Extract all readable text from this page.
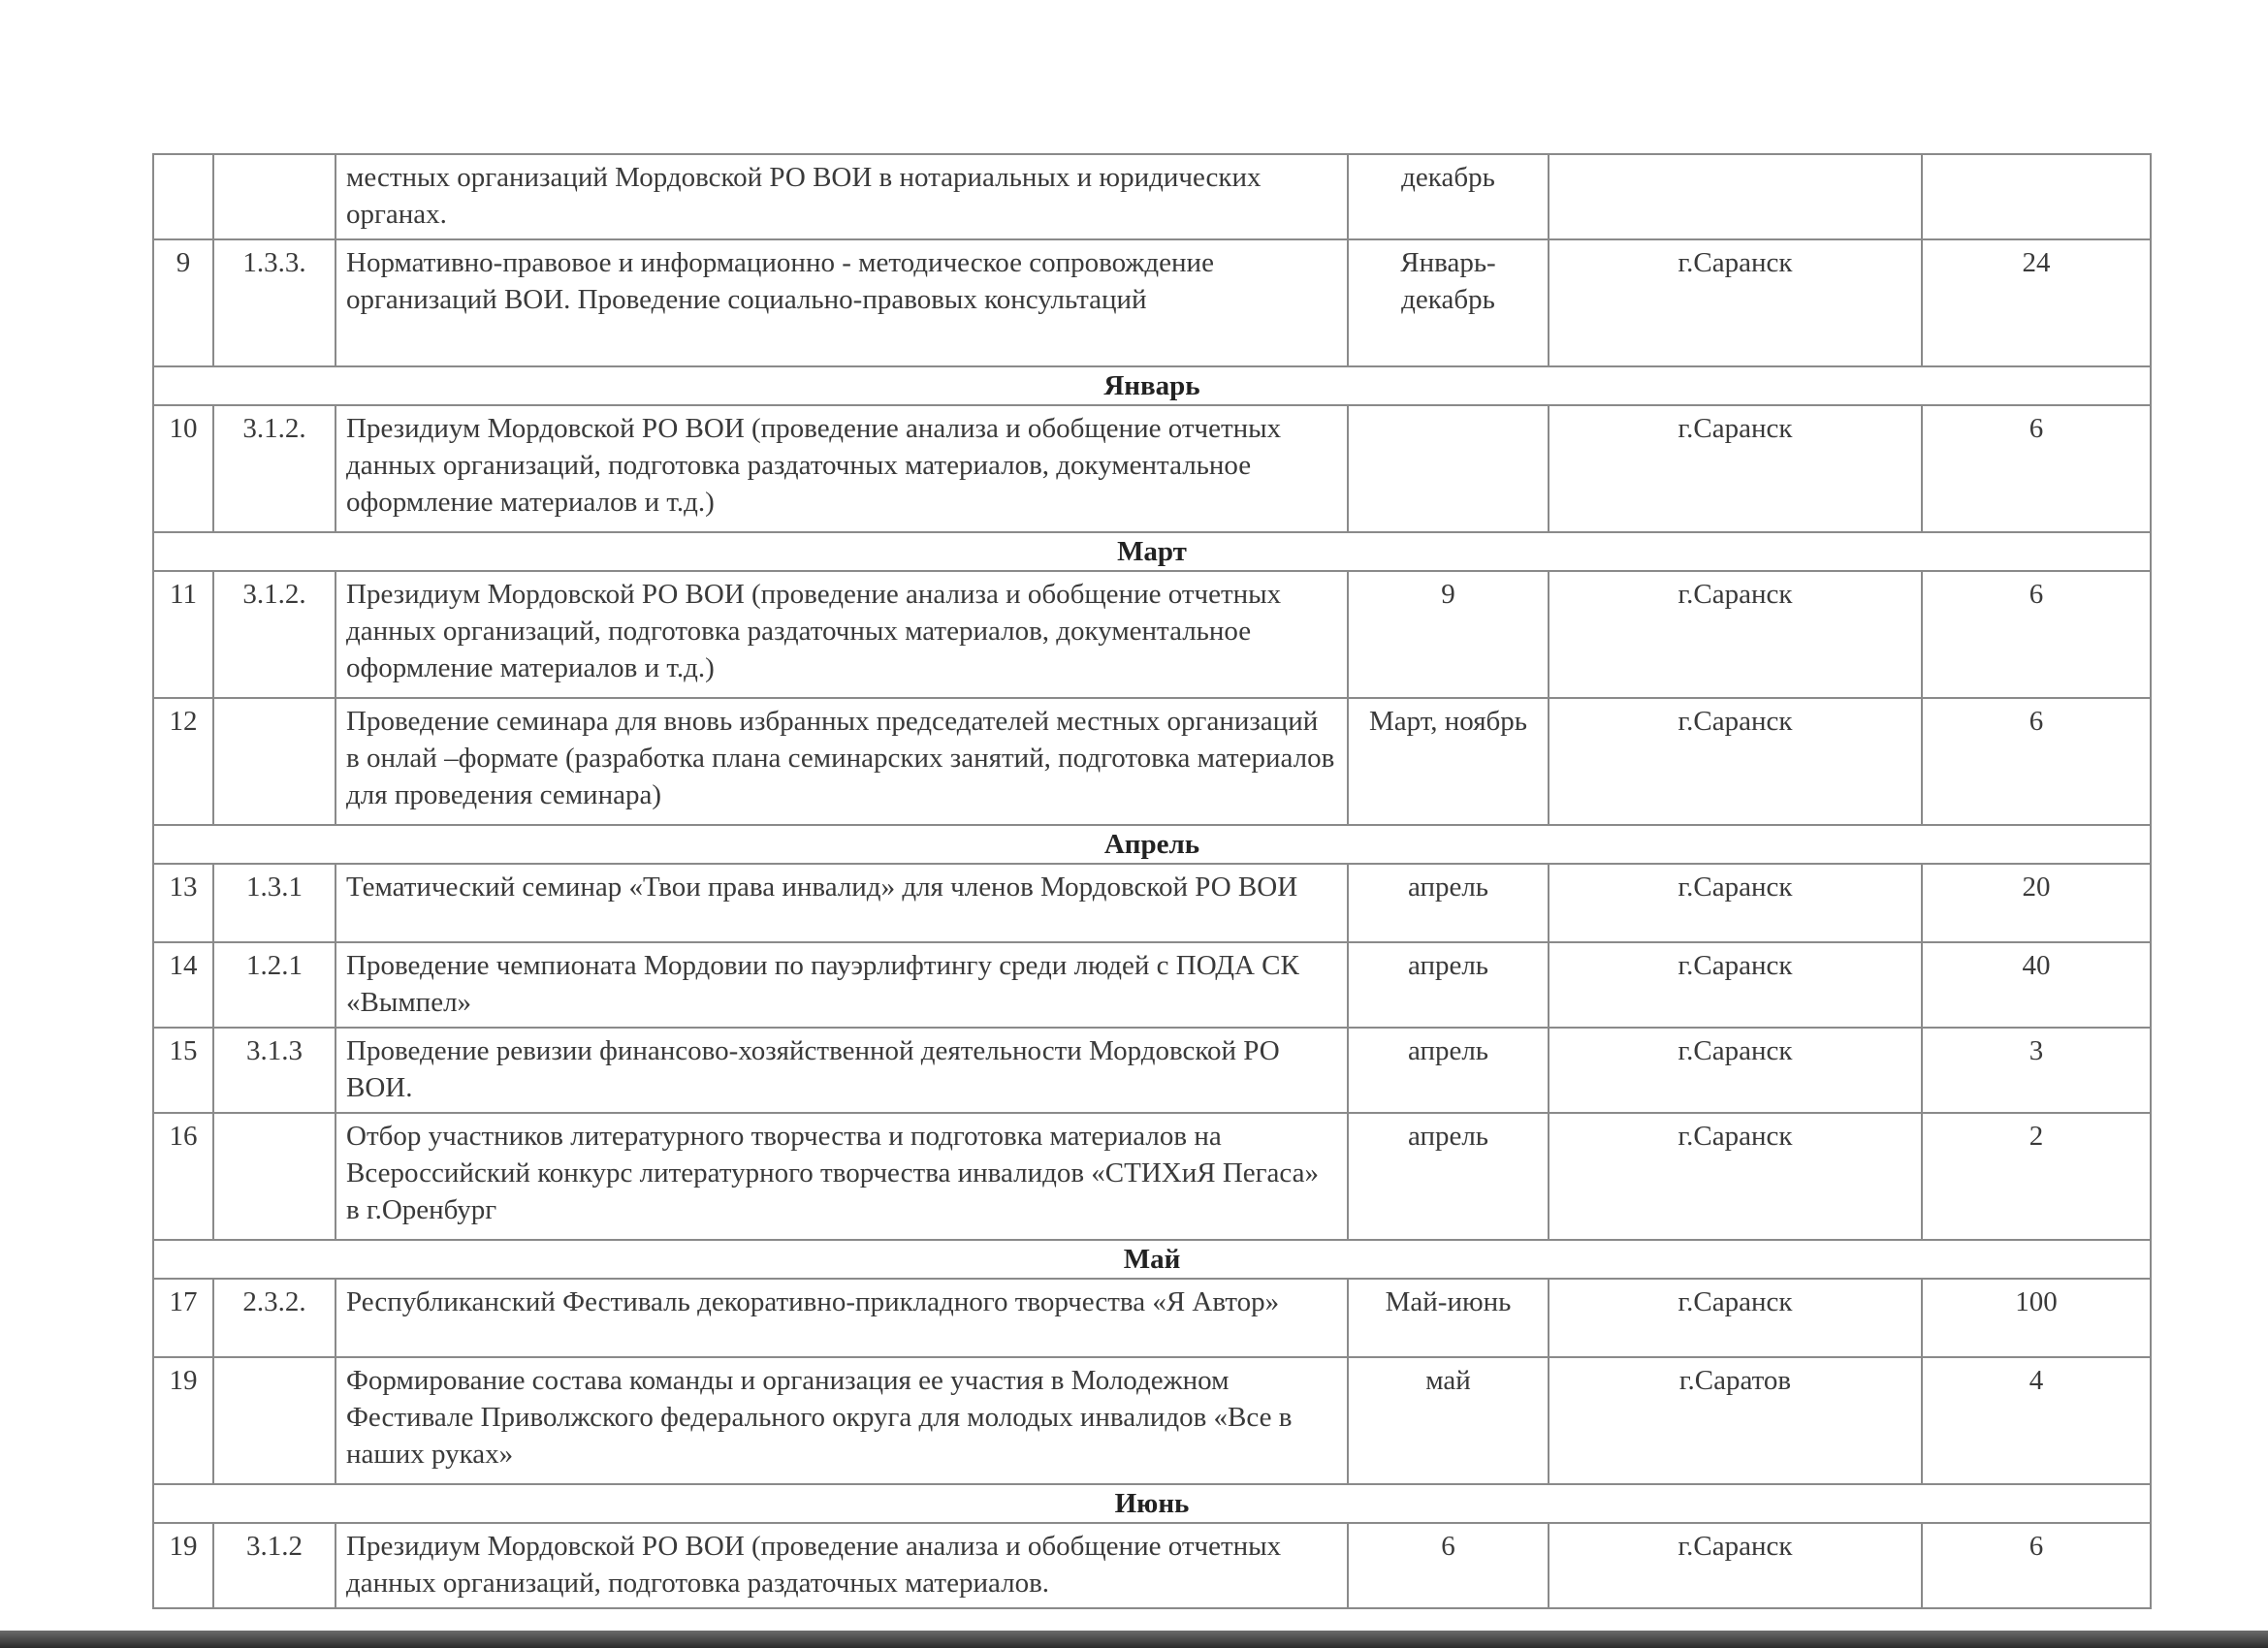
		местных организаций Мордовской РО ВОИ в нотариальных и юридических органах.	декабрь		
9	1.3.3.	Нормативно-правовое и информационно - методическое сопровождение организаций ВОИ. Проведение социально-правовых консультаций	Январь-декабрь	г.Саранск	24
Январь					
10	3.1.2.	Президиум Мордовской РО ВОИ (проведение анализа и обобщение отчетных данных организаций, подготовка раздаточных материалов, документальное оформление материалов и т.д.)		г.Саранск	6
Март					
11	3.1.2.	Президиум Мордовской РО ВОИ (проведение анализа и обобщение отчетных данных организаций, подготовка раздаточных материалов, документальное оформление материалов и т.д.)	9	г.Саранск	6
12		Проведение семинара для вновь избранных председателей местных организаций в онлай –формате (разработка плана семинарских занятий, подготовка материалов для проведения семинара)	Март, ноябрь	г.Саранск	6
Апрель					
13	1.3.1	Тематический семинар «Твои права инвалид» для членов Мордовской РО ВОИ	апрель	г.Саранск	20
14	1.2.1	Проведение чемпионата Мордовии по пауэрлифтингу среди людей с ПОДА СК «Вымпел»	апрель	г.Саранск	40
15	3.1.3	Проведение ревизии финансово-хозяйственной деятельности Мордовской РО ВОИ.	апрель	г.Саранск	3
16		Отбор участников литературного творчества и подготовка материалов на Всероссийский конкурс литературного творчества инвалидов «СТИХиЯ Пегаса» в г.Оренбург	апрель	г.Саранск	2
Май					
17	2.3.2.	Республиканский Фестиваль декоративно-прикладного творчества «Я Автор»	Май-июнь	г.Саранск	100
19		Формирование состава команды и организация ее участия в Молодежном Фестивале Приволжского федерального округа для молодых инвалидов «Все в наших руках»	май	г.Саратов	4
Июнь					
19	3.1.2	Президиум Мордовской РО ВОИ (проведение анализа и обобщение отчетных данных организаций, подготовка раздаточных материалов.	6	г.Саранск	6
